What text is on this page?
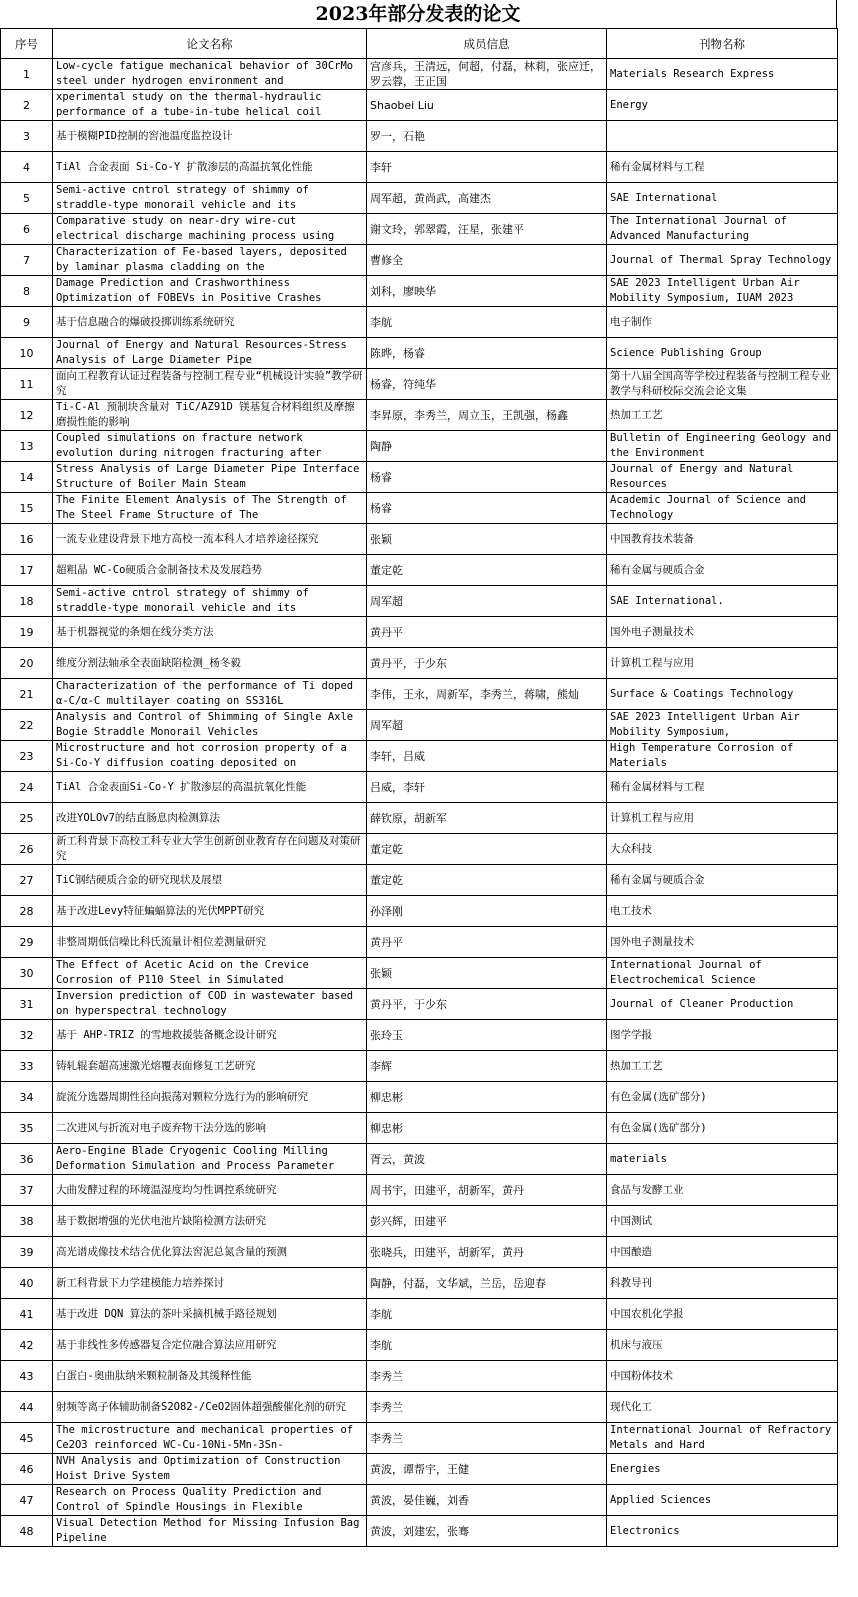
2023年部分发表的论文
序号	论文名称	成员信息	刊物名称
1	Low-cycle fatigue mechanical behavior of 30CrMo steel under hydrogen environment and	宫彦兵，王清远，何超，付磊，林莉，张应迁，罗云蓉，王正国	Materials Research Express

2	xperimental study on the thermal-hydraulic performance of a tube-in-tube helical coil	Shaobei Liu	Energy

3	基于模糊PID控制的窖池温度监控设计	罗一，石艳	

4	TiAl 合金表面 Si-Co-Y 扩散渗层的高温抗氧化性能	李轩	稀有金属材料与工程

5	Semi-active cntrol strategy of shimmy of straddle-type monorail vehicle and its	周军超，黄尚武，高建杰	SAE International

6	Comparative study on near-dry wire-cut electrical discharge machining process using	谢文玲，郭翠霞，汪星，张建平	The International Journal of Advanced Manufacturing

7	Characterization of Fe-based layers, deposited by laminar plasma cladding on the	曹修全	Journal of Thermal Spray Technology

8	Damage Prediction and Crashworthiness Optimization of FOBEVs in Positive Crashes	刘科，廖映华	SAE 2023 Intelligent Urban Air Mobility Symposium, IUAM 2023

9	基于信息融合的爆破投掷训练系统研究	李航	电子制作

10	Journal of Energy and Natural Resources-Stress Analysis of Large Diameter Pipe	陈晔，杨睿	Science Publishing Group

11	面向工程教育认证过程装备与控制工程专业“机械设计实验”教学研究	杨睿，符纯华	第十八届全国高等学校过程装备与控制工程专业教学与科研校际交流会论文集

12	Ti-C-Al 预制块含量对 TiC/AZ91D 镁基复合材料组织及摩擦磨损性能的影响	李昇原，李秀兰，周立玉，王凯强，杨鑫	热加工工艺

13	Coupled simulations on fracture network evolution during nitrogen fracturing after	陶静	Bulletin of Engineering Geology and the Environment

14	Stress Analysis of Large Diameter Pipe Interface Structure of Boiler Main Steam	杨睿	Journal of Energy and Natural Resources

15	The Finite Element Analysis of The Strength of The Steel Frame Structure of The	杨睿	Academic Journal of Science and Technology

16	一流专业建设背景下地方高校一流本科人才培养途径探究	张颖	中国教育技术装备

17	超粗晶 WC-Co硬质合金制备技术及发展趋势	董定乾	稀有金属与硬质合金

18	Semi-active cntrol strategy of shimmy of straddle-type monorail vehicle and its	周军超	SAE International.

19	基于机器视觉的条烟在线分类方法	黄丹平	国外电子测量技术

20	维度分割法轴承全表面缺陷检测_杨冬毅	黄丹平，于少东	计算机工程与应用

21	Characterization of the performance of Ti doped α-C/α-C multilayer coating on SS316L	李伟，王永，周新军，李秀兰，蒋啸，熊灿	Surface & Coatings Technology

22	Analysis and Control of Shimming of Single Axle Bogie Straddle Monorail Vehicles	周军超	SAE 2023 Intelligent Urban Air Mobility Symposium,

23	Microstructure and hot corrosion property of a Si-Co-Y diffusion coating deposited on	李轩，吕威	High Temperature Corrosion of Materials

24	TiAl 合金表面Si-Co-Y 扩散渗层的高温抗氧化性能	吕威，李轩	稀有金属材料与工程

25	改进YOLOv7的结直肠息肉检测算法	薛钦原，胡新军	计算机工程与应用

26	新工科背景下高校工科专业大学生创新创业教育存在问题及对策研究	董定乾	大众科技

27	TiC钢结硬质合金的研究现状及展望	董定乾	稀有金属与硬质合金

28	基于改进Levy特征蝙蝠算法的光伏MPPT研究	孙泽刚	电工技术

29	非整周期低信噪比科氏流量计相位差测量研究	黄丹平	国外电子测量技术

30	The Effect of Acetic Acid on the Crevice Corrosion of P110 Steel in Simulated	张颖	International Journal of Electrochemical Science

31	Inversion prediction of COD in wastewater based on hyperspectral technology	黄丹平，于少东	Journal of Cleaner Production

32	基于 AHP-TRIZ 的雪地救援装备概念设计研究	张玲玉	图学学报

33	铸轧辊套超高速激光熔覆表面修复工艺研究	李辉	热加工工艺

34	旋流分选器周期性径向振荡对颗粒分选行为的影响研究	柳忠彬	有色金属(选矿部分)

35	二次进风与折流对电子废弃物干法分选的影响	柳忠彬	有色金属(选矿部分)

36	Aero-Engine Blade Cryogenic Cooling Milling Deformation Simulation and Process Parameter	胥云，黄波	materials

37	大曲发酵过程的环境温湿度均匀性调控系统研究	周书宇，田建平，胡新军，黄丹	食品与发酵工业

38	基于数据增强的光伏电池片缺陷检测方法研究	彭兴辉，田建平	中国测试

39	高光谱成像技术结合优化算法窖泥总氮含量的预测	张晓兵，田建平，胡新军，黄丹	中国酿造

40	新工科背景下力学建模能力培养探讨	陶静，付磊，文华斌，兰岳，岳迎春	科教导刊

41	基于改进 DQN 算法的茶叶采摘机械手路径规划	李航	中国农机化学报

42	基于非线性多传感器复合定位融合算法应用研究	李航	机床与液压

43	白蛋白-奥曲肽纳米颗粒制备及其缓释性能	李秀兰	中国粉体技术

44	射频等离子体辅助制备S2O82-/CeO2固体超强酸催化剂的研究	李秀兰	现代化工

45	The microstructure and mechanical properties of Ce2O3 reinforced WC-Cu-10Ni-5Mn-3Sn-	李秀兰	International Journal of Refractory Metals and Hard

46	NVH Analysis and Optimization of Construction Hoist Drive System	黄波，谭帮宇，王健	Energies

47	Research on Process Quality Prediction and Control of Spindle Housings in Flexible	黄波，晏佳巍，刘香	Applied Sciences

48	Visual Detection Method for Missing Infusion Bag Pipeline	黄波，刘建宏，张骞	Electronics
